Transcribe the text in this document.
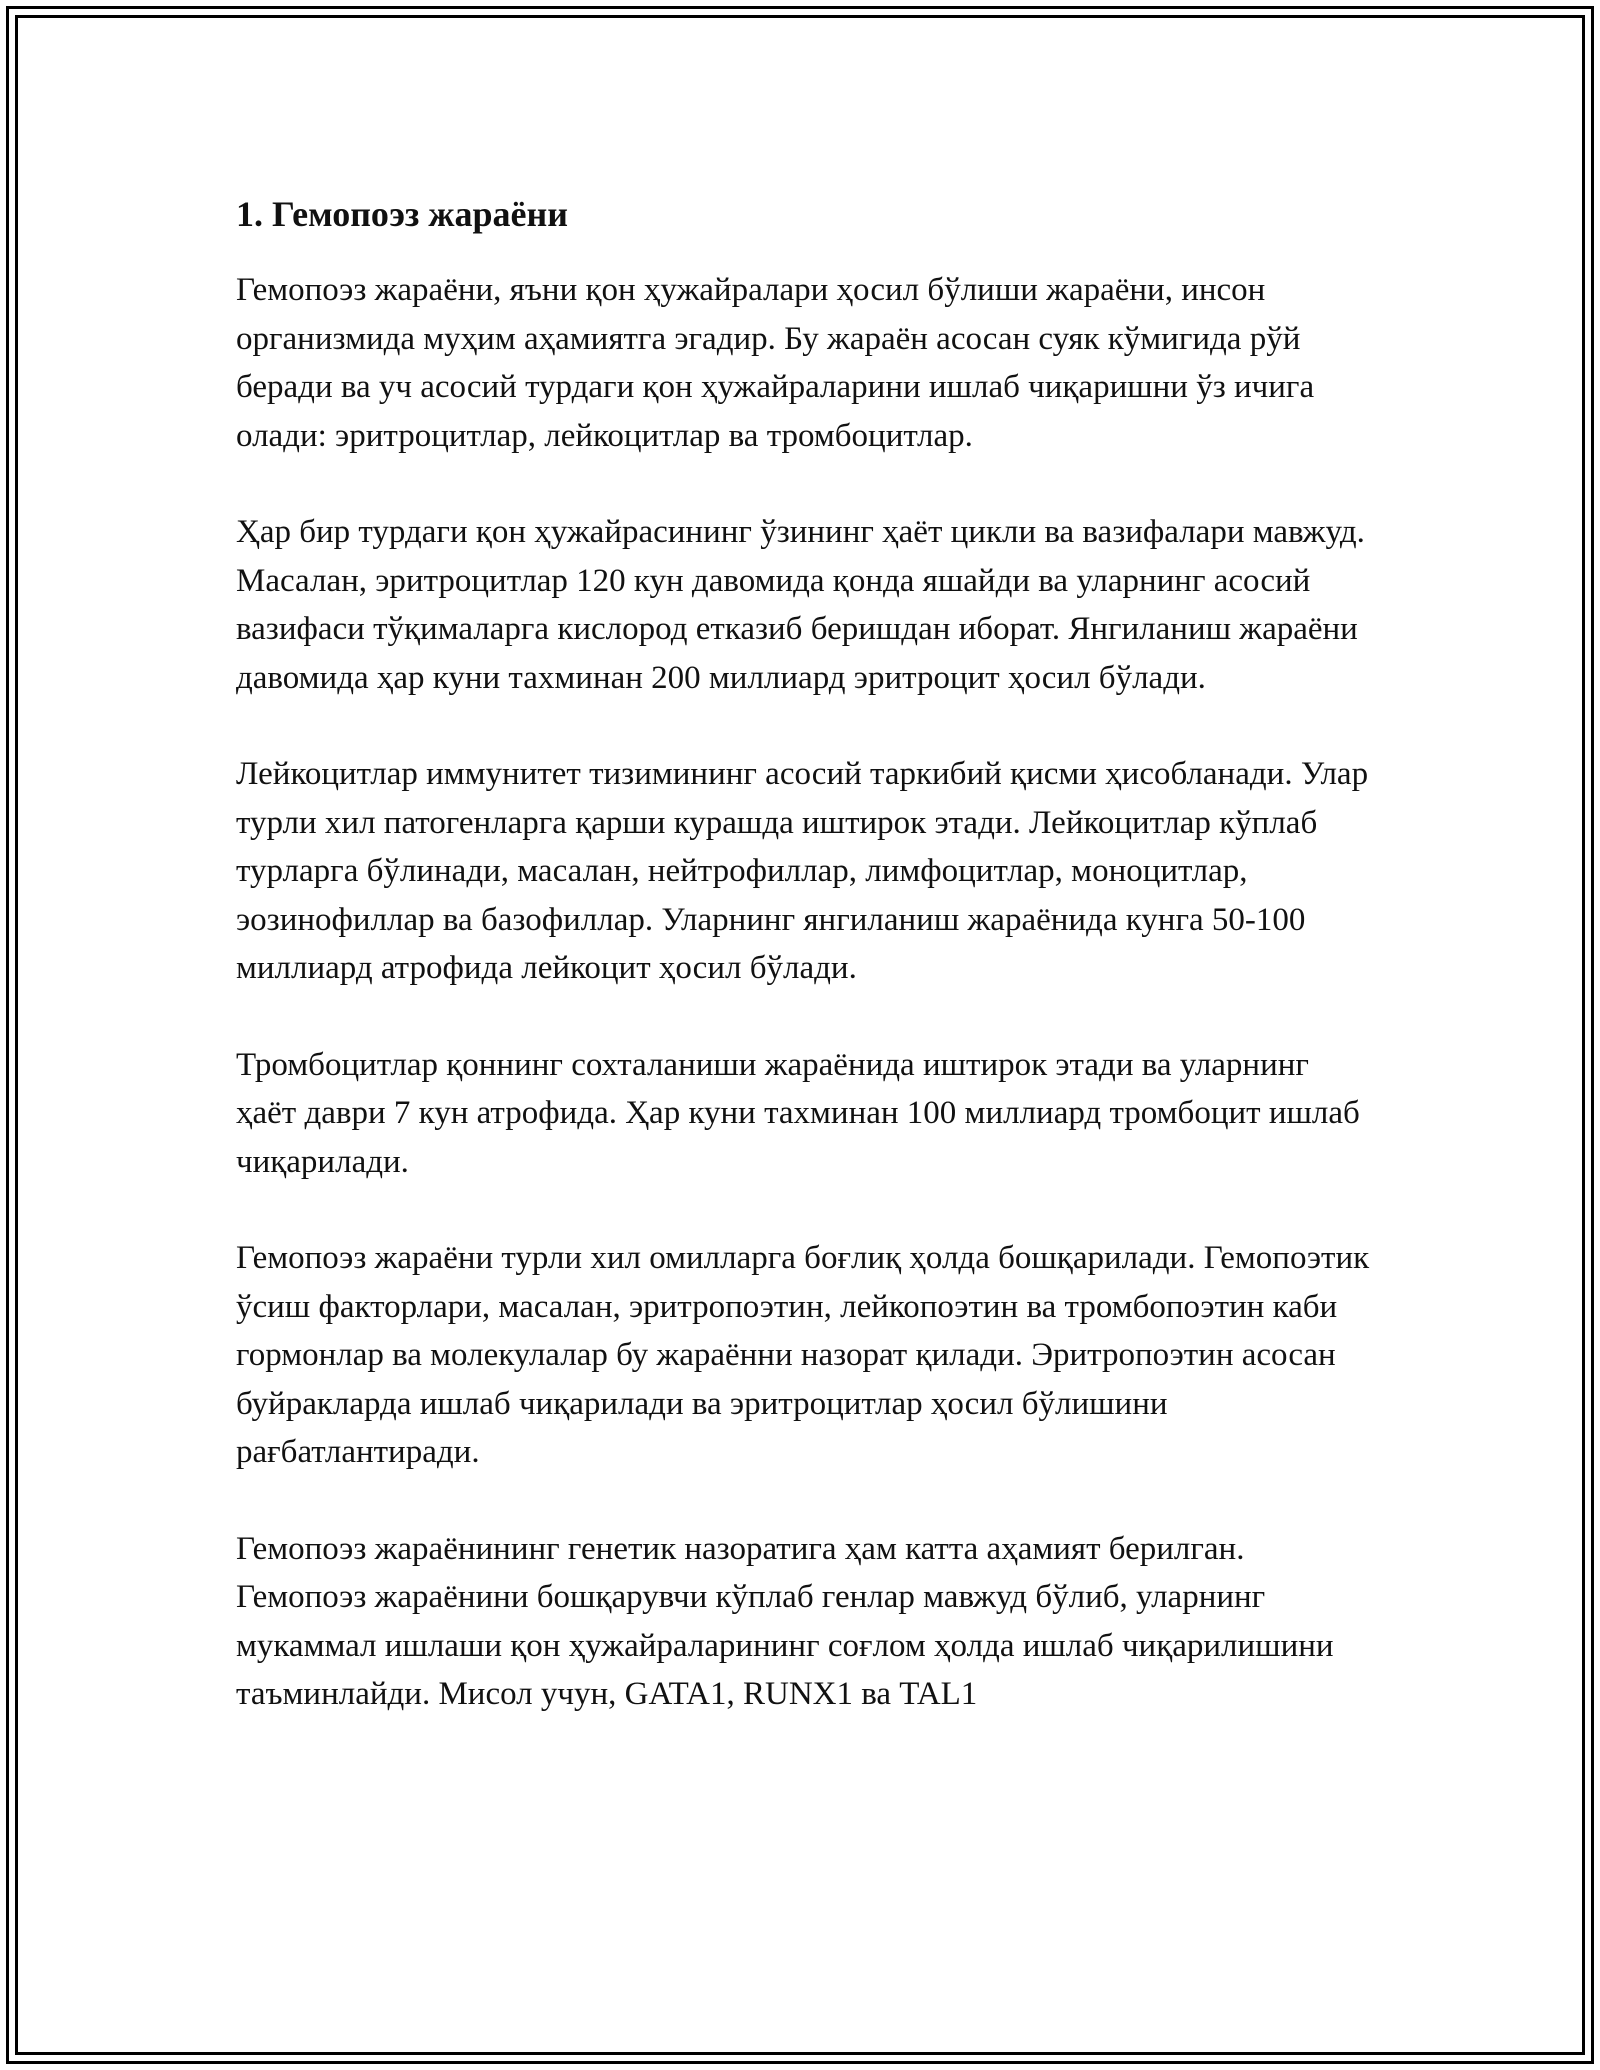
1. Гемопоэз жараёни

Гемопоэз жараёни, яъни қон ҳужайралари ҳосил бўлиши жараёни, инсон организмида муҳим аҳамиятга эгадир. Бу жараён асосан суяк кўмигида рўй беради ва уч асосий турдаги қон ҳужайраларини ишлаб чиқаришни ўз ичига олади: эритроцитлар, лейкоцитлар ва тромбоцитлар.

Ҳар бир турдаги қон ҳужайрасининг ўзининг ҳаёт цикли ва вазифалари мавжуд. Масалан, эритроцитлар 120 кун давомида қонда яшайди ва уларнинг асосий вазифаси тўқималарга кислород етказиб беришдан иборат. Янгиланиш жараёни давомида ҳар куни тахминан 200 миллиард эритроцит ҳосил бўлади.

Лейкоцитлар иммунитет тизимининг асосий таркибий қисми ҳисобланади. Улар турли хил патогенларга қарши курашда иштирок этади. Лейкоцитлар кўплаб турларга бўлинади, масалан, нейтрофиллар, лимфоцитлар, моноцитлар, эозинофиллар ва базофиллар. Уларнинг янгиланиш жараёнида кунга 50-100 миллиард атрофида лейкоцит ҳосил бўлади.

Тромбоцитлар қоннинг сохталаниши жараёнида иштирок этади ва уларнинг ҳаёт даври 7 кун атрофида. Ҳар куни тахминан 100 миллиард тромбоцит ишлаб чиқарилади.

Гемопоэз жараёни турли хил омилларга боғлиқ ҳолда бошқарилади. Гемопоэтик ўсиш факторлари, масалан, эритропоэтин, лейкопоэтин ва тромбопоэтин каби гормонлар ва молекулалар бу жараённи назорат қилади. Эритропоэтин асосан буйракларда ишлаб чиқарилади ва эритроцитлар ҳосил бўлишини рағбатлантиради.

Гемопоэз жараёнининг генетик назоратига ҳам катта аҳамият берилган. Гемопоэз жараёнини бошқарувчи кўплаб генлар мавжуд бўлиб, уларнинг мукаммал ишлаши қон ҳужайраларининг соғлом ҳолда ишлаб чиқарилишини таъминлайди. Мисол учун, GATA1, RUNX1 ва TAL1
